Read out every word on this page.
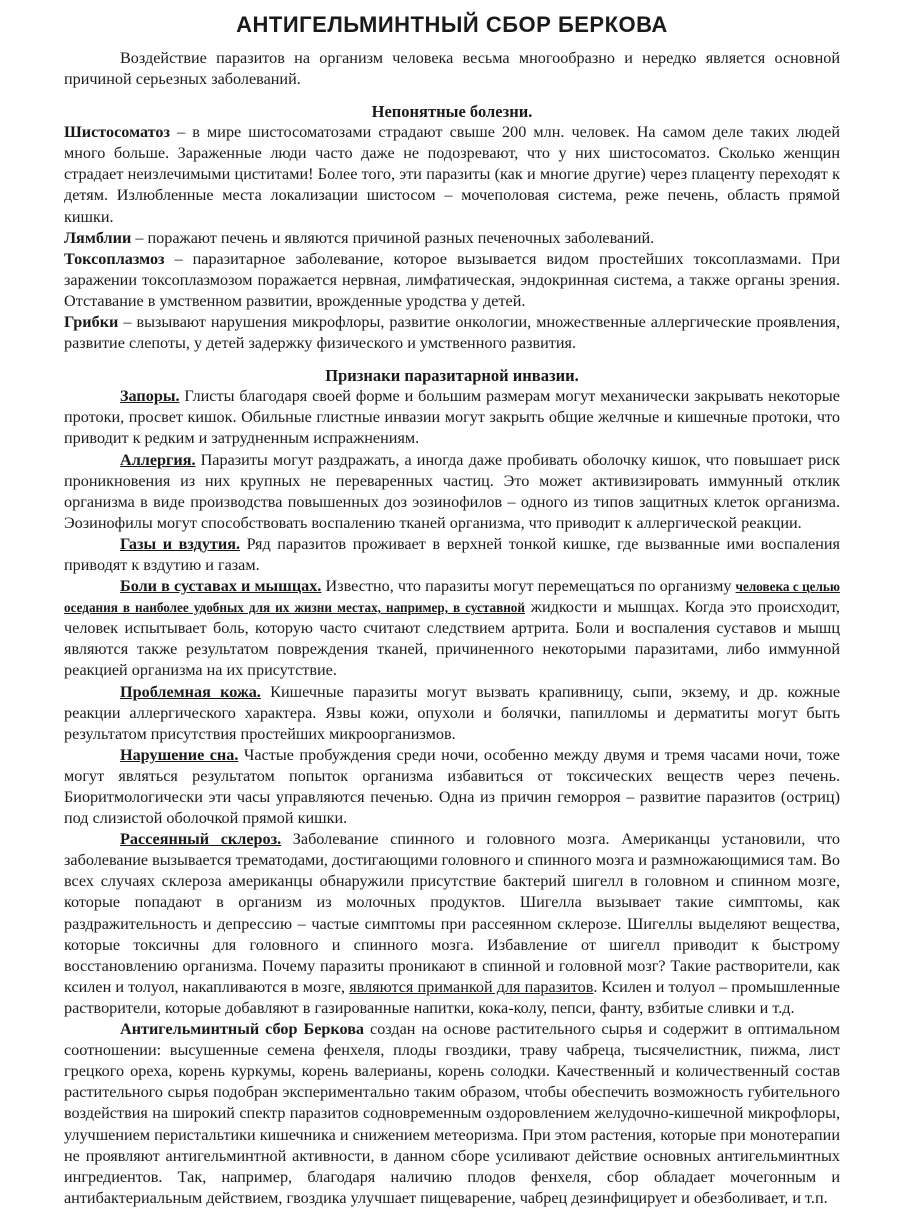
АНТИГЕЛЬМИНТНЫЙ СБОР БЕРКОВА

Воздействие паразитов на организм человека весьма многообразно и нередко является основной причиной серьезных заболеваний.

Непонятные болезни.

Шистосоматоз – в мире шистосоматозами страдают свыше 200 млн. человек. На самом деле таких людей много больше. Зараженные люди часто даже не подозревают, что у них шистосоматоз. Сколько женщин страдает неизлечимыми циститами! Более того, эти паразиты (как и многие другие) через плаценту переходят к детям. Излюбленные места локализации шистосом – мочеполовая система, реже печень, область прямой кишки.

Лямблии – поражают печень и являются причиной разных печеночных заболеваний.

Токсоплазмоз – паразитарное заболевание, которое вызывается видом простейших токсоплазмами. При заражении токсоплазмозом поражается нервная, лимфатическая, эндокринная система, а также органы зрения. Отставание в умственном развитии, врожденные уродства у детей.

Грибки – вызывают нарушения микрофлоры, развитие онкологии, множественные аллергические проявления, развитие слепоты, у детей задержку физического и умственного развития.

Признаки паразитарной инвазии.

Запоры. Глисты благодаря своей форме и большим размерам могут механически закрывать некоторые протоки, просвет кишок. Обильные глистные инвазии могут закрыть общие желчные и кишечные протоки, что приводит к редким и затрудненным испражнениям.

Аллергия. Паразиты могут раздражать, а иногда даже пробивать оболочку кишок, что повышает риск проникновения из них крупных не переваренных частиц. Это может активизировать иммунный отклик организма в виде производства повышенных доз эозинофилов – одного из типов защитных клеток организма. Эозинофилы могут способствовать воспалению тканей организма, что приводит к аллергической реакции.

Газы и вздутия. Ряд паразитов проживает в верхней тонкой кишке, где вызванные ими воспаления приводят к вздутию и газам.

Боли в суставах и мышцах. Известно, что паразиты могут перемещаться по организму человека с целью оседания в наиболее удобных для их жизни местах, например, в суставной жидкости и мышцах. Когда это происходит, человек испытывает боль, которую часто считают следствием артрита. Боли и воспаления суставов и мышц являются также результатом повреждения тканей, причиненного некоторыми паразитами, либо иммунной реакцией организма на их присутствие.

Проблемная кожа. Кишечные паразиты могут вызвать крапивницу, сыпи, экзему, и др. кожные реакции аллергического характера. Язвы кожи, опухоли и болячки, папилломы и дерматиты могут быть результатом присутствия простейших микроорганизмов.

Нарушение сна. Частые пробуждения среди ночи, особенно между двумя и тремя часами ночи, тоже могут являться результатом попыток организма избавиться от токсических веществ через печень. Биоритмологически эти часы управляются печенью. Одна из причин геморроя – развитие паразитов (остриц) под слизистой оболочкой прямой кишки.

Рассеянный склероз. Заболевание спинного и головного мозга. Американцы установили, что заболевание вызывается трематодами, достигающими головного и спинного мозга и размножающимися там. Во всех случаях склероза американцы обнаружили присутствие бактерий шигелл в головном и спинном мозге, которые попадают в организм из молочных продуктов. Шигелла вызывает такие симптомы, как раздражительность и депрессию – частые симптомы при рассеянном склерозе. Шигеллы выделяют вещества, которые токсичны для головного и спинного мозга. Избавление от шигелл приводит к быстрому восстановлению организма. Почему паразиты проникают в спинной и головной мозг? Такие растворители, как ксилен и толуол, накапливаются в мозге, являются приманкой для паразитов. Ксилен и толуол – промышленные растворители, которые добавляют в газированные напитки, кока-колу, пепси, фанту, взбитые сливки и т.д.

Антигельминтный сбор Беркова создан на основе растительного сырья и содержит в оптимальном соотношении: высушенные семена фенхеля, плоды гвоздики, траву чабреца, тысячелистник, пижма, лист грецкого ореха, корень куркумы, корень валерианы, корень солодки. Качественный и количественный состав растительного сырья подобран экспериментально таким образом, чтобы обеспечить возможность губительного воздействия на широкий спектр паразитов содновременным оздоровлением желудочно-кишечной микрофлоры, улучшением перистальтики кишечника и снижением метеоризма. При этом растения, которые при монотерапии не проявляют антигельминтной активности, в данном сборе усиливают действие основных антигельминтных ингредиентов. Так, например, благодаря наличию плодов фенхеля, сбор обладает мочегонным и антибактериальным действием, гвоздика улучшает пищеварение, чабрец дезинфицирует и обезболивает, и т.п.
